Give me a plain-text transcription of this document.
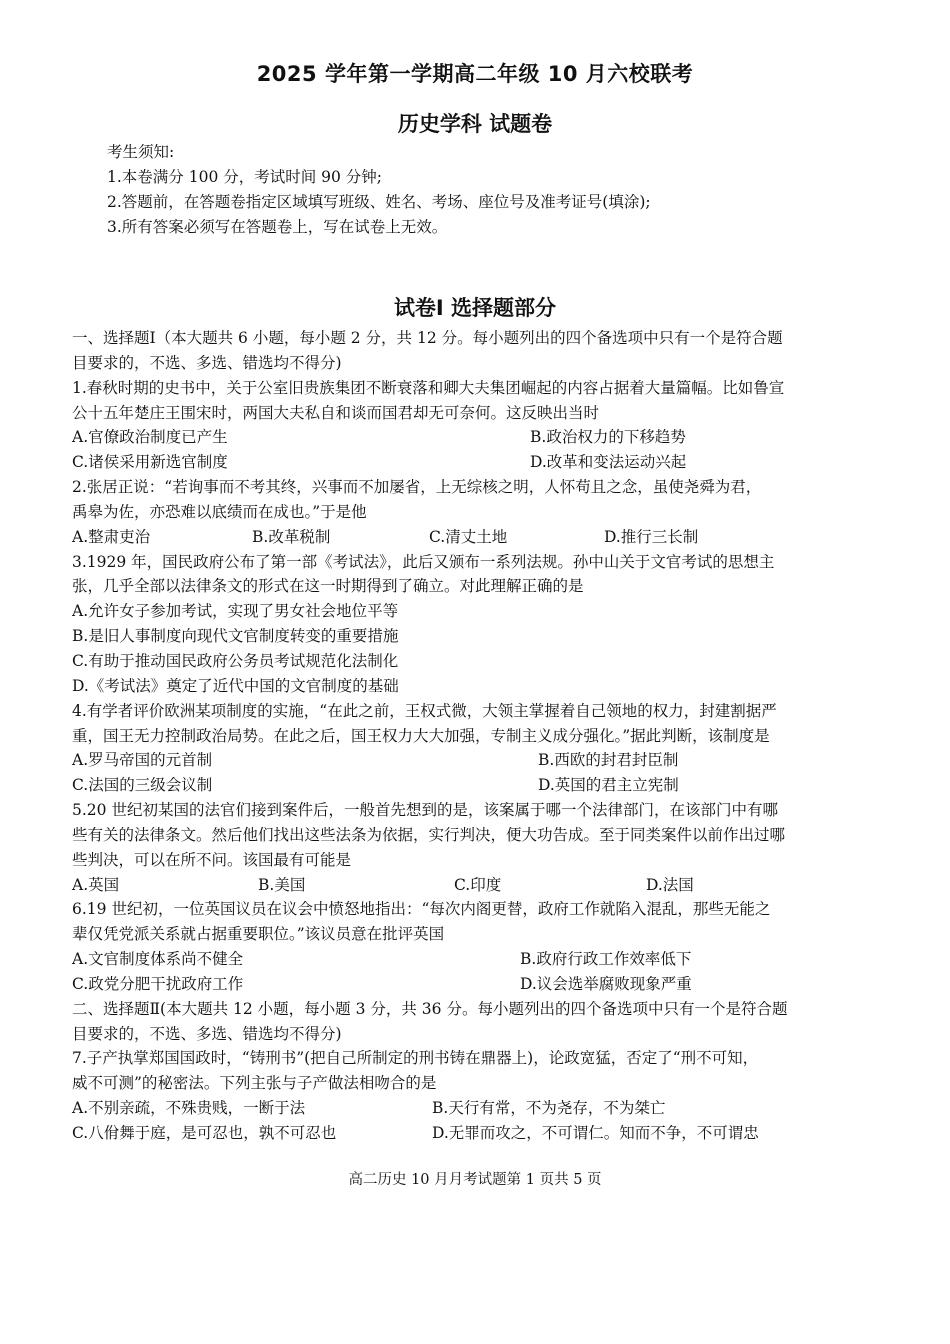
2025 学年第一学期高二年级 10 月六校联考
历史学科 试题卷
考生须知:
1.本卷满分 100 分，考试时间 90 分钟;
2.答题前，在答题卷指定区域填写班级、姓名、考场、座位号及准考证号(填涂);
3.所有答案必须写在答题卷上，写在试卷上无效。
试卷Ⅰ 选择题部分
一、选择题Ⅰ（本大题共 6 小题，每小题 2 分，共 12 分。每小题列出的四个备选项中只有一个是符合题
目要求的，不选、多选、错选均不得分)
1.春秋时期的史书中，关于公室旧贵族集团不断衰落和卿大夫集团崛起的内容占据着大量篇幅。比如鲁宣
公十五年楚庄王围宋时，两国大夫私自和谈而国君却无可奈何。这反映出当时
A.官僚政治制度已产生	B.政治权力的下移趋势
C.诸侯采用新选官制度	D.改革和变法运动兴起
2.张居正说：“若询事而不考其终，兴事而不加屡省，上无综核之明，人怀苟且之念，虽使尧舜为君，
禹皋为佐，亦恐难以底绩而在成也。”于是他
A.整肃吏治	B.改革税制	C.清丈土地	D.推行三长制
3.1929 年，国民政府公布了第一部《考试法》，此后又颁布一系列法规。孙中山关于文官考试的思想主
张，几乎全部以法律条文的形式在这一时期得到了确立。对此理解正确的是
A.允许女子参加考试，实现了男女社会地位平等
B.是旧人事制度向现代文官制度转变的重要措施
C.有助于推动国民政府公务员考试规范化法制化
D.《考试法》奠定了近代中国的文官制度的基础
4.有学者评价欧洲某项制度的实施，“在此之前，王权式微，大领主掌握着自己领地的权力，封建割据严
重，国王无力控制政治局势。在此之后，国王权力大大加强，专制主义成分强化。”据此判断，该制度是
A.罗马帝国的元首制	B.西欧的封君封臣制
C.法国的三级会议制	D.英国的君主立宪制
5.20 世纪初某国的法官们接到案件后，一般首先想到的是，该案属于哪一个法律部门，在该部门中有哪
些有关的法律条文。然后他们找出这些法条为依据，实行判决，便大功告成。至于同类案件以前作出过哪
些判决，可以在所不问。该国最有可能是
A.英国	B.美国	C.印度	D.法国
6.19 世纪初，一位英国议员在议会中愤怒地指出：“每次内阁更替，政府工作就陷入混乱，那些无能之
辈仅凭党派关系就占据重要职位。”该议员意在批评英国
A.文官制度体系尚不健全	B.政府行政工作效率低下
C.政党分肥干扰政府工作	D.议会选举腐败现象严重
二、选择题Ⅱ(本大题共 12 小题，每小题 3 分，共 36 分。每小题列出的四个备选项中只有一个是符合题
目要求的，不选、多选、错选均不得分)
7.子产执掌郑国国政时，“铸刑书”(把自己所制定的刑书铸在鼎器上)，论政宽猛，否定了“刑不可知，
威不可测”的秘密法。下列主张与子产做法相吻合的是
A.不别亲疏，不殊贵贱，一断于法	B.天行有常，不为尧存，不为桀亡
C.八佾舞于庭，是可忍也，孰不可忍也	D.无罪而攻之，不可谓仁。知而不争，不可谓忠
高二历史 10 月月考试题第 1 页共 5 页
